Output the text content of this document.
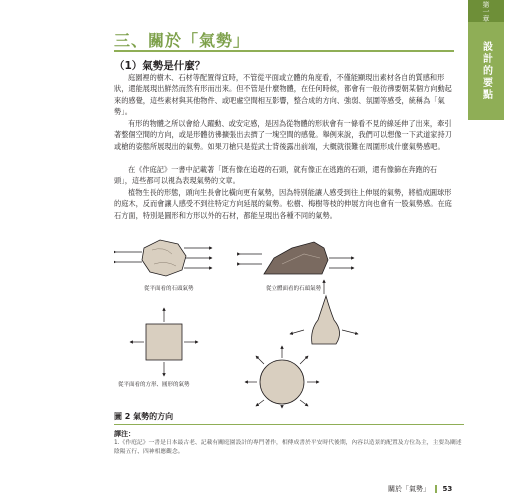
第一章
設計的要點
三、關於「氣勢」
（1）氣勢是什麼？
庭園裡的樹木、石材等配置得宜時，不管從平面或立體的角度看，不僅能顯現出素材各自的質感和形狀，還能展現出鮮然而然有形而出來。但不管是什麼物體，在任何時候，都會有一般彷彿要朝某個方向動起來的感覺，這些素材與其他物件、或吧處空間相互影響，整合成的方向、強弱、氛圍等感受，統稱為「氣勢」。
有形的物體之所以會給人躍動、或安定感，是因為從物體的形狀會有一條看不見的線延伸了出來，牽引著整個空間的方向，或是形體彷彿擴張出去擠了一塊空間的感覺。舉例來說，我們可以想像一下武道家持刀或槍的姿態所展現出的氣勢。如果刀槍只是從武士背後露出前端，大概就很難在周圍形成什麼氣勢感吧。
在《作庭記》一書中記載著「既有像在追趕的石頭，就有像正在逃跑的石頭，還有像篩在奔跑的石頭」，這些都可以視為表現氣勢的文章。
植物生長的形態，頭向生長會比橫向更有氣勢，因為特別能讓人感受到往上伸展的氣勢，將植成圓球形的庭木，反而會讓人感受不到往特定方向延展的氣勢。松樹、梅樹等枝的伸展方向也會有一股氣勢感。在庭石方面，特別是圓形和方形以外的石材，都能呈現出各種不同的氣勢。
從平面看的石頭氣勢	從立體面看的石頭氣勢
從平面看的方形、圓形的氣勢
圖 2 氣勢的方向
譯注：
1.《作庭記》一書是日本最古老、記載有關庭園設計的專門著作，相傳成書於平安時代後期，內容以造景的配置及方位為主，主要為闡述陰陽五行、四神相應觀念。
關於「氣勢」 53
